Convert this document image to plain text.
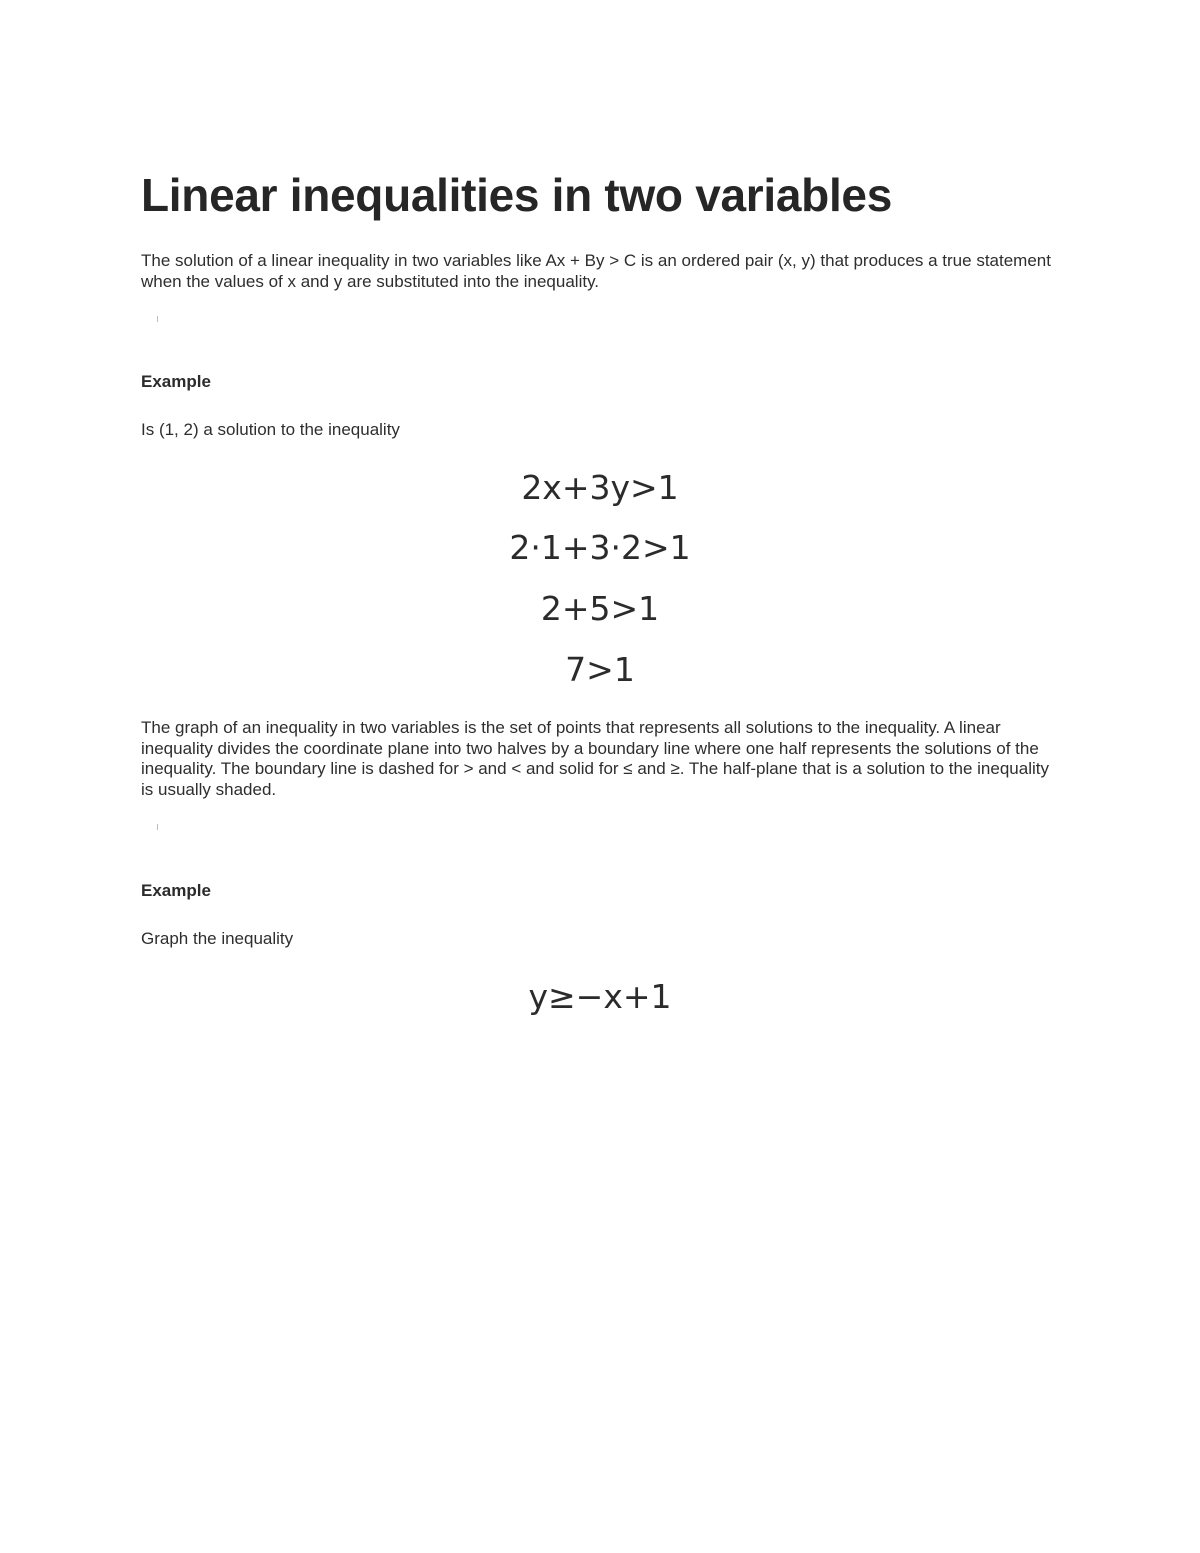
Linear inequalities in two variables

The solution of a linear inequality in two variables like Ax + By > C is an ordered pair (x, y) that produces a true statement when the values of x and y are substituted into the inequality.

Example

Is (1, 2) a solution to the inequality

2x+3y>1
2·1+3·2>1
2+5>1
7>1

The graph of an inequality in two variables is the set of points that represents all solutions to the inequality. A linear inequality divides the coordinate plane into two halves by a boundary line where one half represents the solutions of the inequality. The boundary line is dashed for > and < and solid for ≤ and ≥. The half-plane that is a solution to the inequality is usually shaded.

Example

Graph the inequality

y≥−x+1
